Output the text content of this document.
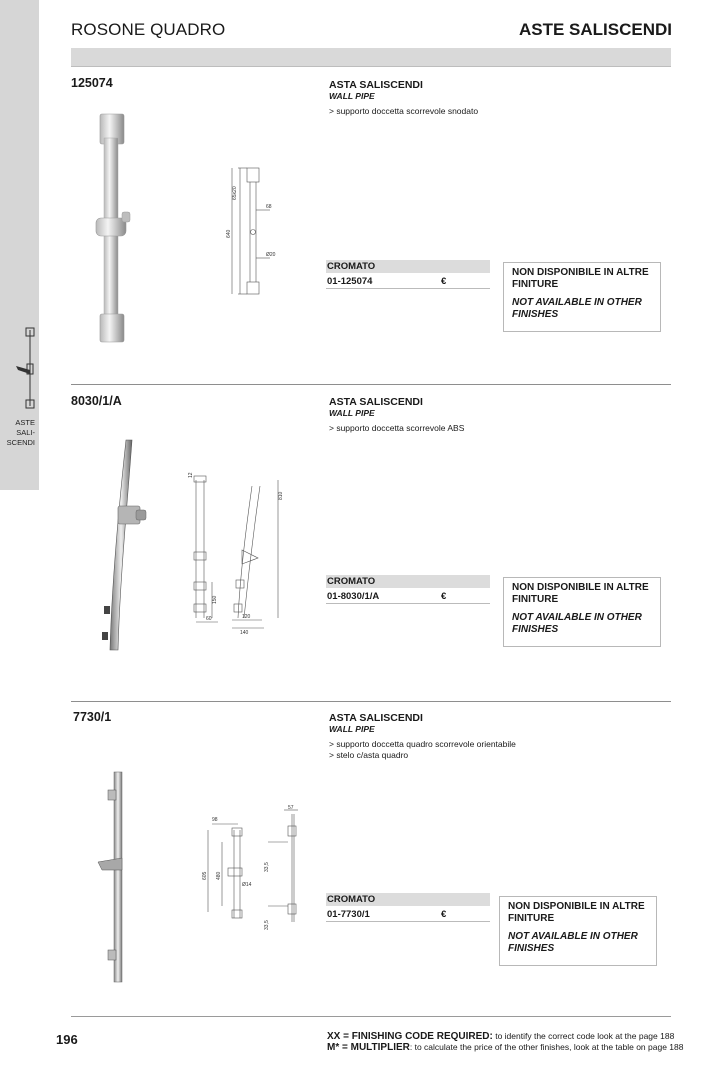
ASTE
SALI-
SCENDI
ROSONE QUADRO	ASTE SALISCENDI
125074
65x20
68
640
Ø20
ASTA SALISCENDI
WALL PIPE
> supporto doccetta scorrevole snodato
CROMATO
01-125074	€
NON DISPONIBILE IN ALTRE FINITURE
NOT AVAILABLE IN OTHER FINISHES
8030/1/A
12
810
150
60	120
140
ASTA SALISCENDI
WALL PIPE
> supporto doccetta scorrevole ABS
CROMATO
01-8030/1/A	€
NON DISPONIBILE IN ALTRE FINITURE
NOT AVAILABLE IN OTHER FINISHES
7730/1
98
57
605 480
Ø14
33,5
33,5
ASTA SALISCENDI
WALL PIPE
> supporto doccetta quadro scorrevole orientabile
> stelo c/asta quadro
CROMATO
01-7730/1	€
NON DISPONIBILE IN ALTRE FINITURE
NOT AVAILABLE IN OTHER FINISHES
196	XX = FINISHING CODE REQUIRED: to identify the correct code look at the page 188
M* = MULTIPLIER: to calculate the price of the other finishes, look at the table on page 188
